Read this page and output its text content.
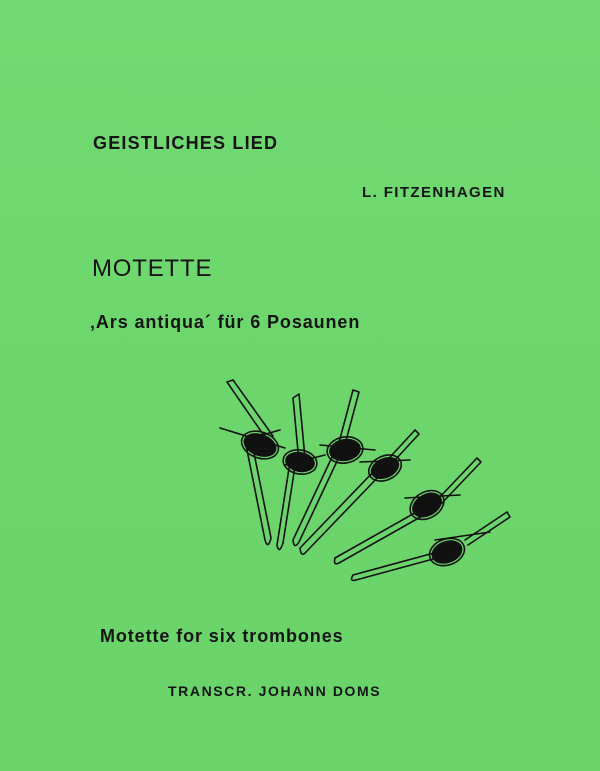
GEISTLICHES LIED
L. FITZENHAGEN
MOTETTE
‚Ars antiqua´ für 6 Posaunen
Motette for six trombones
TRANSCR. JOHANN DOMS
